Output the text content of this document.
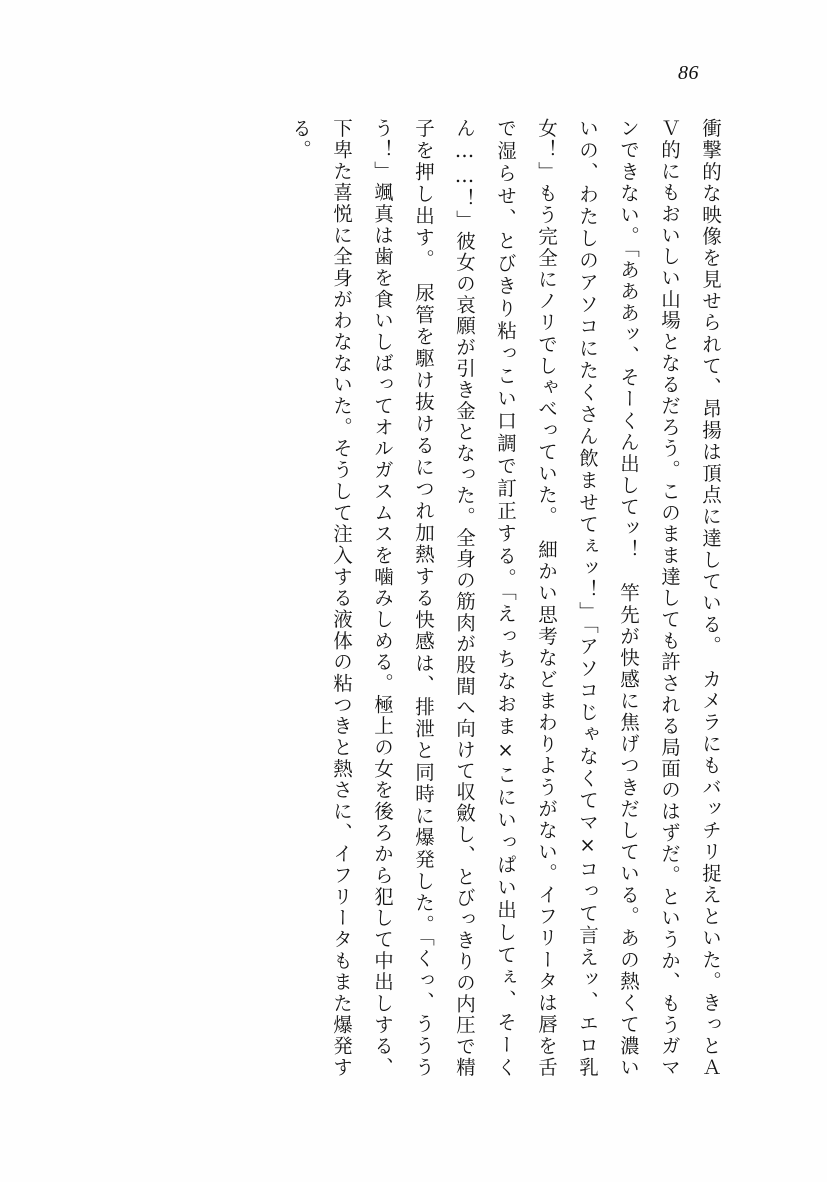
86
衝撃的な映像を見せられて、昂揚は頂点に達している。　カメラにもバッチリ捉えといた。きっとＡＶ的にもおいしい山場となるだろう。このまま達しても許される局面のはずだ。というか、もうガマンできない。「あああッ、そーくん出してッ！　竿先が快感に焦げつきだしている。あの熱くて濃いいの、わたしのアソコにたくさん飲ませてぇッ！」「アソコじゃなくてマ×コって言えッ、エロ乳女！」もう完全にノリでしゃべっていた。　細かい思考などまわりようがない。イフリータは唇を舌で湿らせ、とびきり粘っこい口調で訂正する。「えっちなおま×こにいっぱい出してぇ、そーくん……！」彼女の哀願が引き金となった。全身の筋肉が股間へ向けて収斂し、とびっきりの内圧で精子を押し出す。　尿管を駆け抜けるにつれ加熱する快感は、排泄と同時に爆発した。「くっ、うううう！」颯真は歯を食いしばってオルガスムスを噛みしめる。極上の女を後ろから犯して中出しする、下卑た喜悦に全身がわなないた。そうして注入する液体の粘つきと熱さに、イフリータもまた爆発する。
